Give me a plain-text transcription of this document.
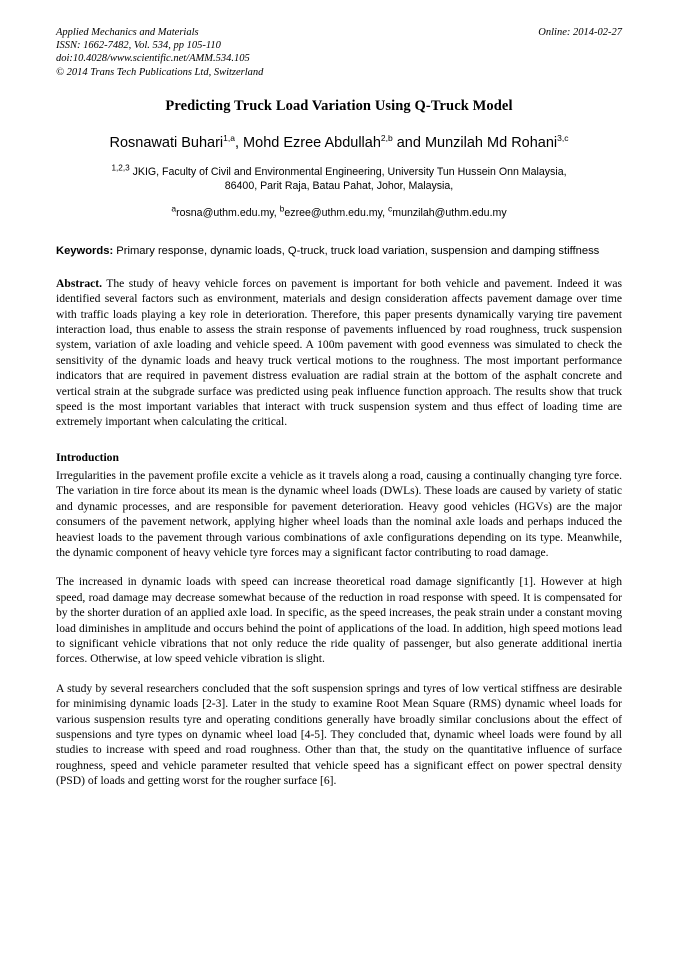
Applied Mechanics and Materials
ISSN: 1662-7482, Vol. 534, pp 105-110
doi:10.4028/www.scientific.net/AMM.534.105
© 2014 Trans Tech Publications Ltd, Switzerland
Online: 2014-02-27
Predicting Truck Load Variation Using Q-Truck Model
Rosnawati Buhari$^{1,a}$, Mohd Ezree Abdullah$^{2,b}$ and Munzilah Md Rohani$^{3,c}$
$^{1,2,3}$ JKIG, Faculty of Civil and Environmental Engineering, University Tun Hussein Onn Malaysia,
86400, Parit Raja, Batau Pahat, Johor, Malaysia,
$^a$rosna@uthm.edu.my, $^b$ezree@uthm.edu.my, $^c$munzilah@uthm.edu.my
Keywords: Primary response, dynamic loads, Q-truck, truck load variation, suspension and damping stiffness
Abstract. The study of heavy vehicle forces on pavement is important for both vehicle and pavement. Indeed it was identified several factors such as environment, materials and design consideration affects pavement damage over time with traffic loads playing a key role in deterioration. Therefore, this paper presents dynamically varying tire pavement interaction load, thus enable to assess the strain response of pavements influenced by road roughness, truck suspension system, variation of axle loading and vehicle speed. A 100m pavement with good evenness was simulated to check the sensitivity of the dynamic loads and heavy truck vertical motions to the roughness. The most important performance indicators that are required in pavement distress evaluation are radial strain at the bottom of the asphalt concrete and vertical strain at the subgrade surface was predicted using peak influence function approach. The results show that truck speed is the most important variables that interact with truck suspension system and thus effect of loading time are extremely important when calculating the critical.
Introduction

Irregularities in the pavement profile excite a vehicle as it travels along a road, causing a continually changing tyre force. The variation in tire force about its mean is the dynamic wheel loads (DWLs). These loads are caused by variety of static and dynamic processes, and are responsible for pavement deterioration. Heavy good vehicles (HGVs) are the major consumers of the pavement network, applying higher wheel loads than the nominal axle loads and perhaps induced the heaviest loads to the pavement through various combinations of axle configurations depending on its type. Meanwhile, the dynamic component of heavy vehicle tyre forces may a significant factor contributing to road damage.

The increased in dynamic loads with speed can increase theoretical road damage significantly [1]. However at high speed, road damage may decrease somewhat because of the reduction in road response with speed. It is compensated for by the shorter duration of an applied axle load. In specific, as the speed increases, the peak strain under a constant moving load diminishes in amplitude and occurs behind the point of applications of the load. In addition, high speed motions lead to significant vehicle vibrations that not only reduce the ride quality of passenger, but also generate additional inertia forces. Otherwise, at low speed vehicle vibration is slight.

A study by several researchers concluded that the soft suspension springs and tyres of low vertical stiffness are desirable for minimising dynamic loads [2-3]. Later in the study to examine Root Mean Square (RMS) dynamic wheel loads for various suspension results tyre and operating conditions generally have broadly similar conclusions about the effect of suspensions and tyre types on dynamic wheel load [4-5]. They concluded that, dynamic wheel loads were found by all studies to increase with speed and road roughness. Other than that, the study on the quantitative influence of surface roughness, speed and vehicle parameter resulted that vehicle speed has a significant effect on power spectral density (PSD) of loads and getting worst for the rougher surface [6].
